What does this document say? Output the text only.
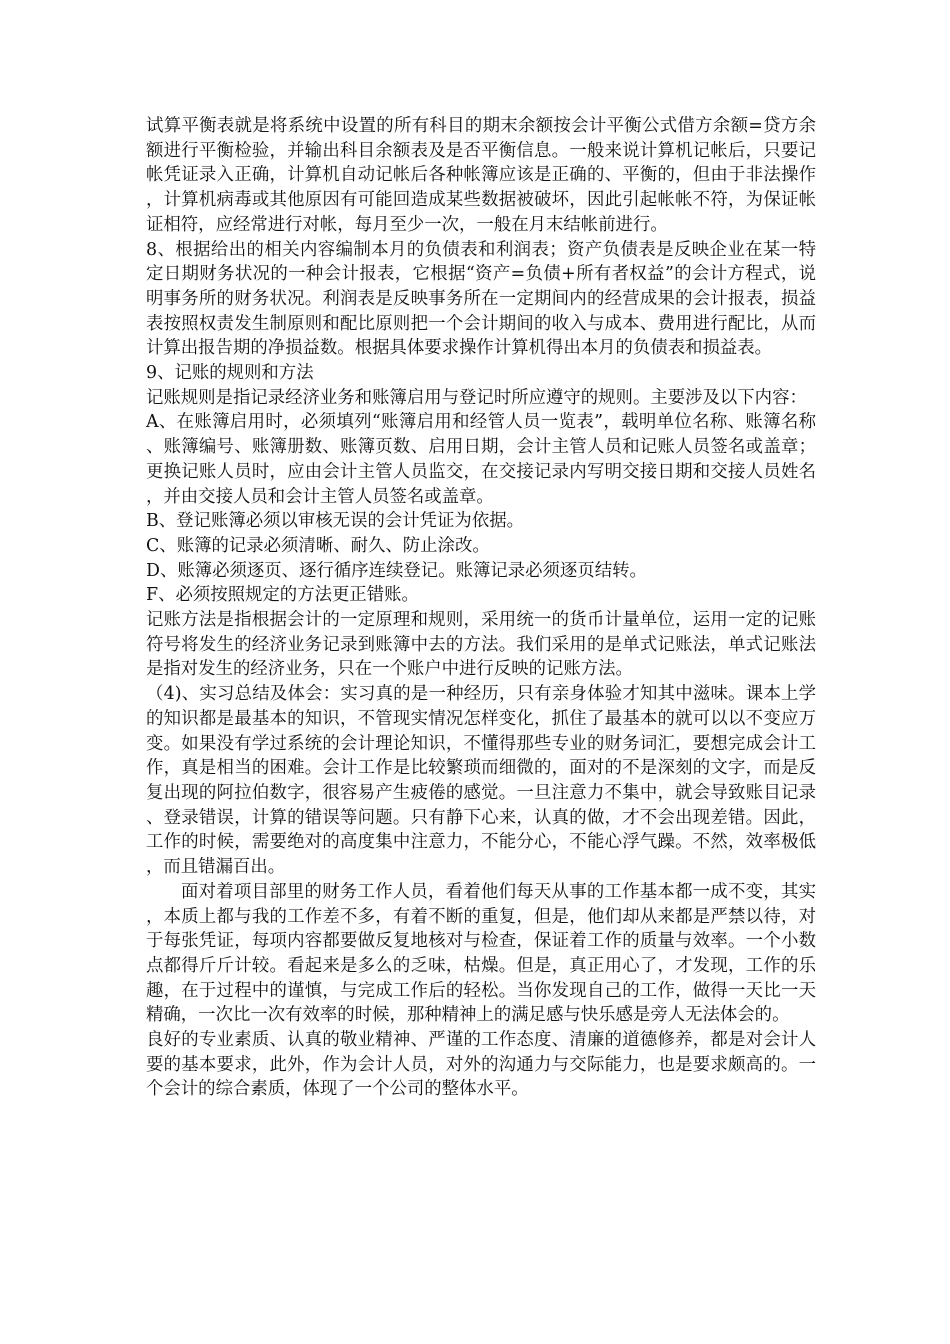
试算平衡表就是将系统中设置的所有科目的期末余额按会计平衡公式借方余额=贷方余额进行平衡检验，并输出科目余额表及是否平衡信息。一般来说计算机记帐后，只要记帐凭证录入正确，计算机自动记帐后各种帐簿应该是正确的、平衡的，但由于非法操作，计算机病毒或其他原因有可能回造成某些数据被破坏，因此引起帐帐不符，为保证帐证相符，应经常进行对帐，每月至少一次，一般在月末结帐前进行。

8、根据给出的相关内容编制本月的负债表和利润表；资产负债表是反映企业在某一特定日期财务状况的一种会计报表，它根据“资产=负债+所有者权益”的会计方程式，说明事务所的财务状况。利润表是反映事务所在一定期间内的经营成果的会计报表，损益表按照权责发生制原则和配比原则把一个会计期间的收入与成本、费用进行配比，从而计算出报告期的净损益数。根据具体要求操作计算机得出本月的负债表和损益表。

9、记账的规则和方法

记账规则是指记录经济业务和账簿启用与登记时所应遵守的规则。主要涉及以下内容：

A、在账簿启用时，必须填列“账簿启用和经管人员一览表”，载明单位名称、账簿名称、账簿编号、账簿册数、账簿页数、启用日期，会计主管人员和记账人员签名或盖章；更换记账人员时，应由会计主管人员监交，在交接记录内写明交接日期和交接人员姓名，并由交接人员和会计主管人员签名或盖章。

B、登记账簿必须以审核无误的会计凭证为依据。

C、账簿的记录必须清晰、耐久、防止涂改。

D、账簿必须逐页、逐行循序连续登记。账簿记录必须逐页结转。

F、必须按照规定的方法更正错账。

记账方法是指根据会计的一定原理和规则，采用统一的货币计量单位，运用一定的记账符号将发生的经济业务记录到账簿中去的方法。我们采用的是单式记账法，单式记账法是指对发生的经济业务，只在一个账户中进行反映的记账方法。

（4)、实习总结及体会：实习真的是一种经历，只有亲身体验才知其中滋味。课本上学的知识都是最基本的知识，不管现实情况怎样变化，抓住了最基本的就可以以不变应万变。如果没有学过系统的会计理论知识，不懂得那些专业的财务词汇，要想完成会计工作，真是相当的困难。会计工作是比较繁琐而细微的，面对的不是深刻的文字，而是反复出现的阿拉伯数字，很容易产生疲倦的感觉。一旦注意力不集中，就会导致账目记录、登录错误，计算的错误等问题。只有静下心来，认真的做，才不会出现差错。因此，工作的时候，需要绝对的高度集中注意力，不能分心，不能心浮气躁。不然，效率极低，而且错漏百出。

面对着项目部里的财务工作人员，看着他们每天从事的工作基本都一成不变，其实，本质上都与我的工作差不多，有着不断的重复，但是，他们却从来都是严禁以待，对于每张凭证，每项内容都要做反复地核对与检查，保证着工作的质量与效率。一个小数点都得斤斤计较。看起来是多么的乏味，枯燥。但是，真正用心了，才发现，工作的乐趣，在于过程中的谨慎，与完成工作后的轻松。当你发现自己的工作，做得一天比一天精确，一次比一次有效率的时候，那种精神上的满足感与快乐感是旁人无法体会的。

良好的专业素质、认真的敬业精神、严谨的工作态度、清廉的道德修养，都是对会计人要的基本要求，此外，作为会计人员，对外的沟通力与交际能力，也是要求颇高的。一个会计的综合素质，体现了一个公司的整体水平。
